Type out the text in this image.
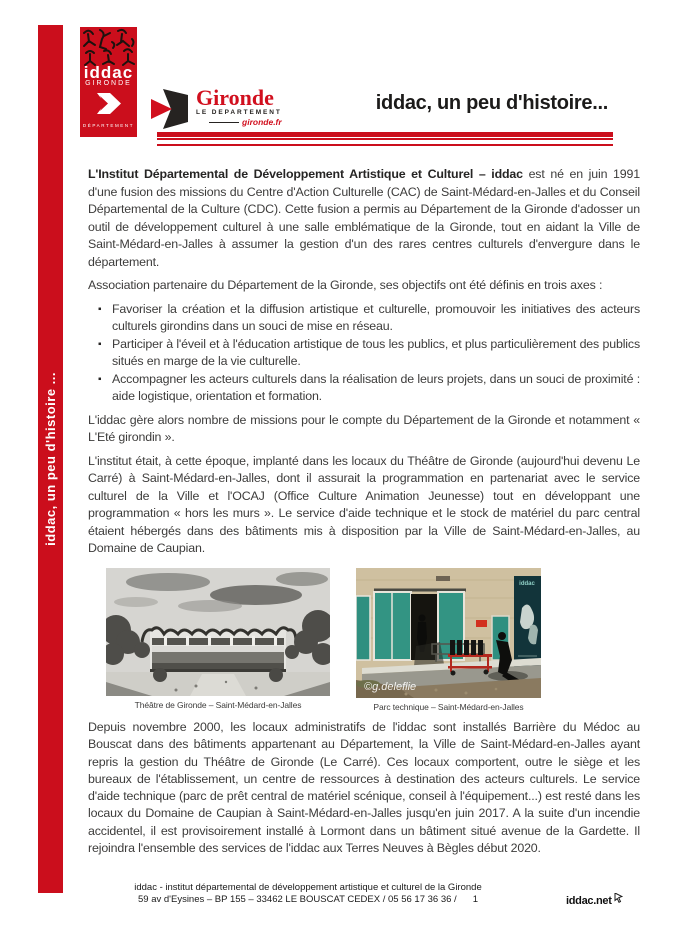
iddac, un peu d'histoire ...
iddac
GIRONDE
DÉPARTEMENT
Gironde
LE DEPARTEMENT
gironde.fr
iddac, un peu d'histoire...

L'Institut Départemental de Développement Artistique et Culturel – iddac est né en juin 1991 d'une fusion des missions du Centre d'Action Culturelle (CAC) de Saint-Médard-en-Jalles et du Conseil Départemental de la Culture (CDC). Cette fusion a permis au Département de la Gironde d'adosser un outil de développement culturel à une salle emblématique de la Gironde, tout en aidant la Ville de Saint-Médard-en-Jalles à assumer la gestion d'un des rares centres culturels d'envergure dans le département.

Association partenaire du Département de la Gironde, ses objectifs ont été définis en trois axes :

▪ Favoriser la création et la diffusion artistique et culturelle, promouvoir les initiatives des acteurs culturels girondins dans un souci de mise en réseau.
▪ Participer à l'éveil et à l'éducation artistique de tous les publics, et plus particulièrement des publics situés en marge de la vie culturelle.
▪ Accompagner les acteurs culturels dans la réalisation de leurs projets, dans un souci de proximité : aide logistique, orientation et formation.

L'iddac gère alors nombre de missions pour le compte du Département de la Gironde et notamment « L'Eté girondin ».

L'institut était, à cette époque, implanté dans les locaux du Théâtre de Gironde (aujourd'hui devenu Le Carré) à Saint-Médard-en-Jalles, dont il assurait la programmation en partenariat avec le service culturel de la Ville et l'OCAJ (Office Culture Animation Jeunesse) tout en développant une programmation « hors les murs ». Le service d'aide technique et le stock de matériel du parc central étaient hébergés dans des bâtiments mis à disposition par la Ville de Saint-Médard-en-Jalles, au Domaine de Caupian.

Théâtre de Gironde – Saint-Médard-en-Jalles
iddac
©g.deleflie
Parc technique – Saint-Médard-en-Jalles
Depuis novembre 2000, les locaux administratifs de l'iddac sont installés Barrière du Médoc au Bouscat dans des bâtiments appartenant au Département, la Ville de Saint-Médard-en-Jalles ayant repris la gestion du Théâtre de Gironde (Le Carré). Ces locaux comportent, outre le siège et les bureaux de l'établissement, un centre de ressources à destination des acteurs culturels. Le service d'aide technique (parc de prêt central de matériel scénique, conseil à l'équipement...) est resté dans les locaux du Domaine de Caupian à Saint-Médard-en-Jalles jusqu'en juin 2017. A la suite d'un incendie accidentel, il est provisoirement installé à Lormont dans un bâtiment situé avenue de la Gardette. Il rejoindra l'ensemble des services de l'iddac aux Terres Neuves à Bègles début 2020.
iddac - institut départemental de développement artistique et culturel de la Gironde
59 av d'Eysines – BP 155 – 33462 LE BOUSCAT CEDEX / 05 56 17 36 36 / 1	iddac.net
